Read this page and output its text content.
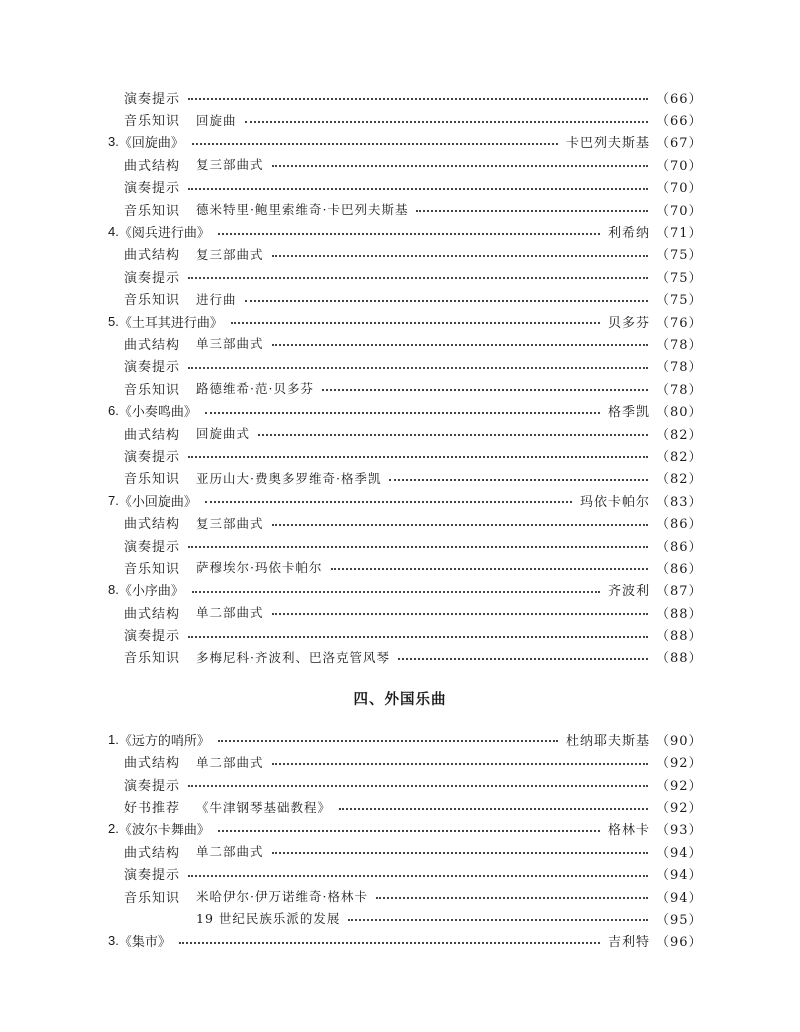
演奏提示	（66）
音乐知识 回旋曲	（66）
3. 《回旋曲》	卡巴列夫斯基 （67）
曲式结构 复三部曲式	（70）
演奏提示	（70）
音乐知识 德米特里·鲍里索维奇·卡巴列夫斯基	（70）
4. 《阅兵进行曲》	利希纳 （71）
曲式结构 复三部曲式	（75）
演奏提示	（75）
音乐知识 进行曲	（75）
5. 《土耳其进行曲》	贝多芬 （76）
曲式结构 单三部曲式	（78）
演奏提示	（78）
音乐知识 路德维希·范·贝多芬	（78）
6. 《小奏鸣曲》	格季凯 （80）
曲式结构 回旋曲式	（82）
演奏提示	（82）
音乐知识 亚历山大·费奥多罗维奇·格季凯	（82）
7. 《小回旋曲》	玛依卡帕尔 （83）
曲式结构 复三部曲式	（86）
演奏提示	（86）
音乐知识 萨穆埃尔·玛依卡帕尔	（86）
8. 《小序曲》	齐波利 （87）
曲式结构 单二部曲式	（88）
演奏提示	（88）
音乐知识 多梅尼科·齐波利、巴洛克管风琴	（88）
四、外国乐曲
1. 《远方的哨所》	杜纳耶夫斯基 （90）
曲式结构 单二部曲式	（92）
演奏提示	（92）
好书推荐 《牛津钢琴基础教程》	（92）
2. 《波尔卡舞曲》	格林卡 （93）
曲式结构 单二部曲式	（94）
演奏提示	（94）
音乐知识 米哈伊尔·伊万诺维奇·格林卡	（94）
19 世纪民族乐派的发展	（95）
3. 《集市》	吉利特 （96）
